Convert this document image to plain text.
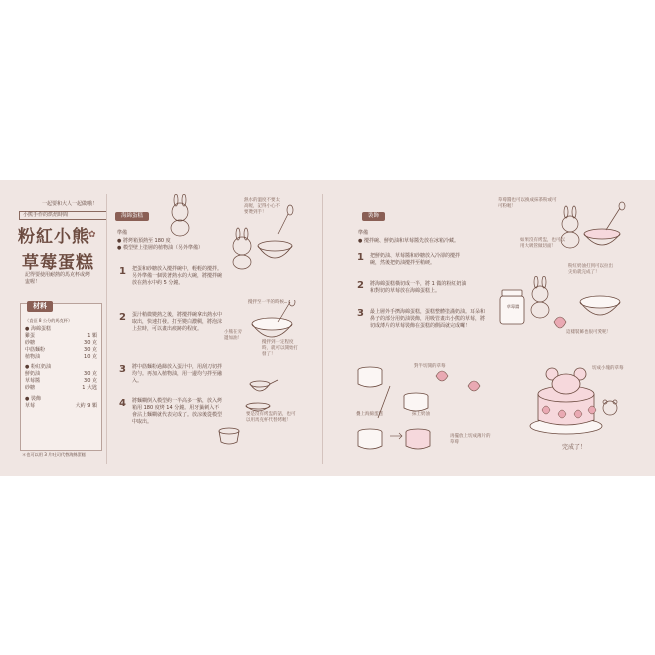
一起要和大人一起做哦！
小熊手作的烘焙時間
粉紅小熊
✿
草莓蛋糕
記得要使用耐熱的馬克杯或烤盅喔！
材料
（直徑 8 公分的馬克杯）
● 海綿蛋糕
雞蛋	1 顆
砂糖	30 克
中筋麵粉	30 克
植物油	10 克
● 粉紅奶油
鮮奶油	30 克
草莓醬	30 克
砂糖	1 大匙
● 裝飾
草莓	大約 9 顆
＊也可以用 3 片吐司代替海綿蛋糕
海綿蛋糕
準備
● 將烤箱預熱至 180 度
● 模型壁上塗層的植物油（另外準備）
1 把蛋和砂糖放入攪拌碗中，輕輕的攪拌。另外準備一個裝著熱水的大碗，將攪拌碗放在熱水中約 5 分鐘。
2 蛋汁稍微變熱之後，將攪拌碗拿出熱水中取出，快速打發。打至變白濃稠，將泡沫上拉時，可以畫出痕跡的程度。
3 將中筋麵粉過篩放入蛋汁中，用刮刀切拌均勻。再加入植物油，用一邊均勻拌至融入。
4 將麵糊倒入模型約一半高多一點，放入烤箱用 180 度烤 14 分鐘。用牙籤刺入不會沾上麵糊就代表完成了。放涼後從模型中取出。
熱水的溫度不要太高喔，記得小心不要燙到手！
攪拌至一半的時候…
小熊在旁邊加油！
攪拌到一定程度時，就可以開始打發了！
要是沒有烤盅的話，也可以用馬克杯代替烤喔！
裝飾
準備
● 攪拌碗、鮮奶油和草莓醬先放在冰箱冷藏。
1 把鮮奶油、草莓醬和砂糖放入冷卻的攪拌碗，然後把奶油攪拌至稍硬。
2 將海綿蛋糕橫切成一半，將 1 做的粉紅奶油和對切的草莓放在海綿蛋糕上。
3 最上層外手擠海綿蛋糕，蛋糕整體塗滿奶油。耳朵和鼻子的部分用奶油裝飾，用吸管畫出小熊的草莓，將切成薄片的草莓裝飾在蛋糕的側面就完成囉！
草莓醬也可以換成抹茶粉或可可粉喔！
粉紅奶油打到可以拉出尖角就完成了！
如果沒有烤盅，也可以用大吸管做切面！
這樣裝飾也很可愛呢！
草莓醬
對半切開的草莓
疊上海綿蛋糕	抹上奶油
再擺放上切成薄片的草莓
切成小塊的草莓
完成了！
